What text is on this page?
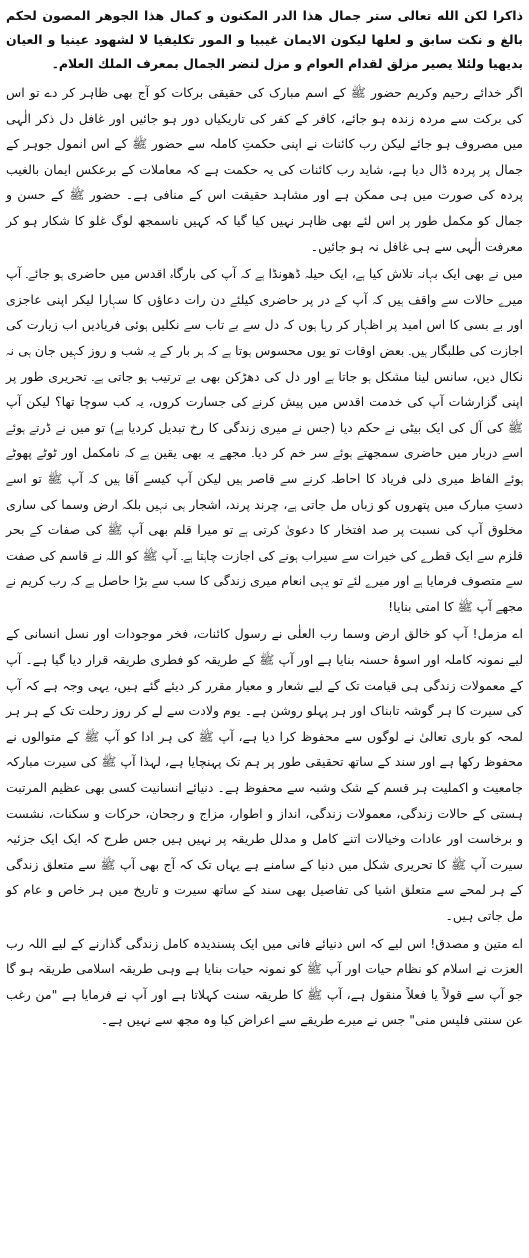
ذاكرا لكن الله تعالى ستر جمال هذا الدر المكنون و كمال هذا الجوهر المصون لحكم بالغ و نكت سابق و لعلها ليكون الايمان غيبيا و المور تكليفيا لا لشهود عينيا و العيان بديهيا ولئلا يصير مزلق لقدام العوام و مزل لنضر الجمال بمعرف الملك العلام۔

اگر خدائے رحیم وکریم حضور ﷺ کے اسم مبارک کی حقیقی برکات کو آج بھی ظاہر کر دے تو اس کی برکت سے مردہ زندہ ہو جائے، کافر کے کفر کی تاریکیاں دور ہو جائیں اور غافل دل ذکر الٰہی میں مصروف ہو جائے لیکن رب کائنات نے اپنی حکمتِ کاملہ سے حضور ﷺ کے اس انمول جوہر کے جمال پر پردہ ڈال دیا ہے، شاید رب کائنات کی یہ حکمت ہے کہ معاملات کے برعکس ایمان بالغیب پردہ کی صورت میں ہی ممکن ہے اور مشاہد حقیقت اس کے منافی ہے۔ حضور ﷺ کے حسن و جمال کو مکمل طور پر اس لئے بھی ظاہر نہیں کیا گیا کہ کہیں ناسمجھ لوگ غلو کا شکار ہو کر معرفت الٰہی سے ہی غافل نہ ہو جائیں۔

میں نے بھی ایک بہانہ تلاش کیا ہے، ایک حیلہ ڈھونڈا ہے کہ آپ کی بارگاہ اقدس میں حاضری ہو جائے۔ آپ میرے حالات سے واقف ہیں کہ آپ کے در پر حاضری کیلئے دن رات دعاؤں کا سہارا لیکر اپنی عاجزی اور بے بسی کا اس امید پر اظہار کر رہا ہوں کہ دل سے بے تاب سے نکلیں ہوئی فریادیں اب زیارت کی اجازت کی طلبگار ہیں۔ بعض اوقات تو یوں محسوس ہوتا ہے کہ ہر بار کے یہ شب و روز کہیں جان ہی نہ نکال دیں، سانس لینا مشکل ہو جاتا ہے اور دل کی دھڑکن بھی بے ترتیب ہو جاتی ہے۔ تحریری طور پر اپنی گزارشات آپ کی خدمت اقدس میں پیش کرنے کی جسارت کروں، یہ کب سوچا تھا؟ لیکن آپ ﷺ کی آل کی ایک بیٹی نے حکم دیا (جس نے میری زندگی کا رخ تبدیل کردیا ہے) تو میں نے ڈرتے ہوئے اسے دربار میں حاضری سمجھتے ہوئے سر خم کر دیا۔ مجھے یہ بھی یقین ہے کہ نامکمل اور ٹوٹے پھوٹے ہوئے الفاظ میری دلی فریاد کا احاطہ کرنے سے قاصر ہیں لیکن آپ کیسے آقا ہیں کہ آپ ﷺ تو اسے دستِ مبارک میں پتھروں کو زباں مل جاتی ہے، چرند پرند، اشجار ہی نہیں بلکہ ارض وسما کی ساری مخلوق آپ کی نسبت پر صد افتخار کا دعویٰ کرتی ہے تو میرا قلم بھی آپ ﷺ کی صفات کے بحر قلزم سے ایک قطرے کی خیرات سے سیراب ہونے کی اجازت چاہتا ہے۔ آپ ﷺ کو اللہ نے قاسم کی صفت سے متصوف فرمایا ہے اور میرے لئے تو یہی انعام میری زندگی کا سب سے بڑا حاصل ہے کہ رب کریم نے مجھے آپ ﷺ کا امتی بنایا!

اے مزمل! آپ کو خالق ارض وسما رب العلٰی نے رسول کائنات، فخر موجودات اور نسل انسانی کے لیے نمونہ کاملہ اور اسوۂ حسنہ بنایا ہے اور آپ ﷺ کے طریقہ کو فطری طریقہ قرار دیا گیا ہے۔ آپ کے معمولات زندگی ہی قیامت تک کے لیے شعار و معیار مقرر کر دیئے گئے ہیں، یہی وجہ ہے کہ آپ کی سیرت کا ہر گوشہ تابناک اور ہر پہلو روشن ہے۔ یوم ولادت سے لے کر روز رحلت تک کے ہر ہر لمحہ کو باری تعالیٰ نے لوگوں سے محفوظ کرا دیا ہے، آپ ﷺ کی ہر ادا کو آپ ﷺ کے متوالوں نے محفوظ رکھا ہے اور سند کے ساتھ تحقیقی طور پر ہم تک پہنچایا ہے، لہذا آپ ﷺ کی سیرت مبارکہ جامعیت و اکملیت ہر قسم کے شک وشبہ سے محفوظ ہے۔ دنیائے انسانیت کسی بھی عظیم المرتبت ہستی کے حالات زندگی، معمولات زندگی، انداز و اطوار، مزاج و رجحان، حرکات و سکنات، نشست و برخاست اور عادات وخیالات اتنے کامل و مدلل طریقہ پر نہیں ہیں جس طرح کہ ایک ایک جزئیہ سیرت آپ ﷺ کا تحریری شکل میں دنیا کے سامنے ہے یہاں تک کہ آج بھی آپ ﷺ سے متعلق زندگی کے ہر لمحے سے متعلق اشیا کی تفاصیل بھی سند کے ساتھ سیرت و تاریخ میں ہر خاص و عام کو مل جاتی ہیں۔

اے متین و مصدق! اس لیے کہ اس دنیائے فانی میں ایک پسندیدہ کامل زندگی گذارنے کے لیے اللہ رب العزت نے اسلام کو نظام حیات اور آپ ﷺ کو نمونہ حیات بنایا ہے وہی طریقہ اسلامی طریقہ ہو گا جو آپ سے قولاً یا فعلاً منقول ہے، آپ ﷺ کا طریقہ سنت کہلاتا ہے اور آپ نے فرمایا ہے "من رغب عن سنتی فلیس منی" جس نے میرے طریقے سے اعراض کیا وہ مجھ سے نہیں ہے۔
